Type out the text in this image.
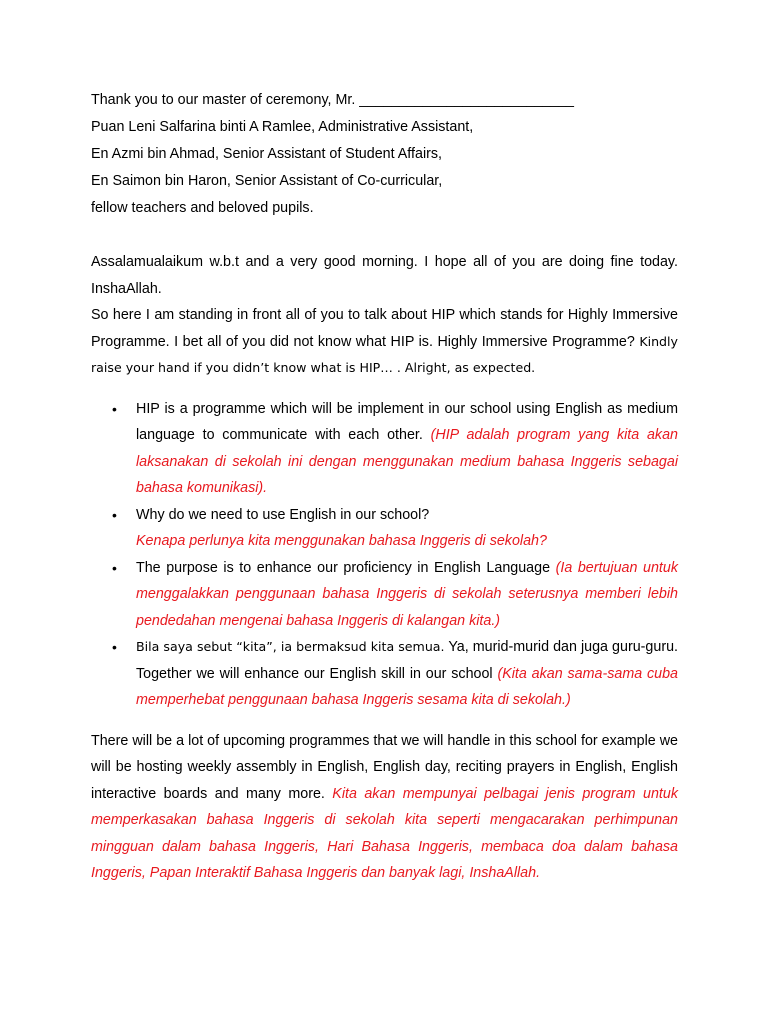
Thank you to our master of ceremony, Mr. ___________________________
Puan Leni Salfarina binti A Ramlee, Administrative Assistant,
En Azmi bin Ahmad, Senior Assistant of Student Affairs,
En Saimon bin Haron, Senior Assistant of Co-curricular,
fellow teachers and beloved pupils.
Assalamualaikum w.b.t and a very good morning. I hope all of you are doing fine today. InshaAllah.
So here I am standing in front all of you to talk about HIP which stands for Highly Immersive Programme. I bet all of you did not know what HIP is. Highly Immersive Programme? Kindly raise your hand if you didn’t know what is HIP… . Alright, as expected.
• HIP is a programme which will be implement in our school using English as medium language to communicate with each other. (HIP adalah program yang kita akan laksanakan di sekolah ini dengan menggunakan medium bahasa Inggeris sebagai bahasa komunikasi).
• Why do we need to use English in our school?
Kenapa perlunya kita menggunakan bahasa Inggeris di sekolah?
• The purpose is to enhance our proficiency in English Language (Ia bertujuan untuk menggalakkan penggunaan bahasa Inggeris di sekolah seterusnya memberi lebih pendedahan mengenai bahasa Inggeris di kalangan kita.)
• Bila saya sebut “kita”, ia bermaksud kita semua. Ya, murid-murid dan juga guru-guru. Together we will enhance our English skill in our school (Kita akan sama-sama cuba memperhebat penggunaan bahasa Inggeris sesama kita di sekolah.)
There will be a lot of upcoming programmes that we will handle in this school for example we will be hosting weekly assembly in English, English day, reciting prayers in English, English interactive boards and many more. Kita akan mempunyai pelbagai jenis program untuk memperkasakan bahasa Inggeris di sekolah kita seperti mengacarakan perhimpunan mingguan dalam bahasa Inggeris, Hari Bahasa Inggeris, membaca doa dalam bahasa Inggeris, Papan Interaktif Bahasa Inggeris dan banyak lagi, InshaAllah.
